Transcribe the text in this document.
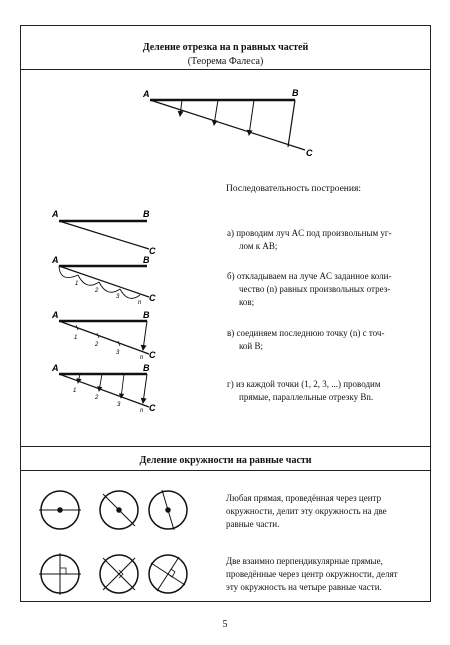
Деление отрезка на n равных частей
(Теорема Фалеса)
Деление окружности на равные части
A	B
C
A	B
C
1
2
3
n
A	B
C
1
2
3
n
A	B
C
1
2
3
n
A	B
C
Последовательность построения:
а) проводим луч AC под произвольным уг-
лом к AB;
б) откладываем на луче AC заданное коли-
чество (n) равных произвольных отрез-
ков;
в) соединяем последнюю точку (n) с точ-
кой B;
г) из каждой точки (1, 2, 3, ...) проводим
прямые, параллельные отрезку Bn.
Любая прямая, проведённая через центр
окружности, делит эту окружность на две
равные части.
Две взаимно перпендикулярные прямые,
проведённые через центр окружности, делят
эту окружность на четыре равные части.
5
